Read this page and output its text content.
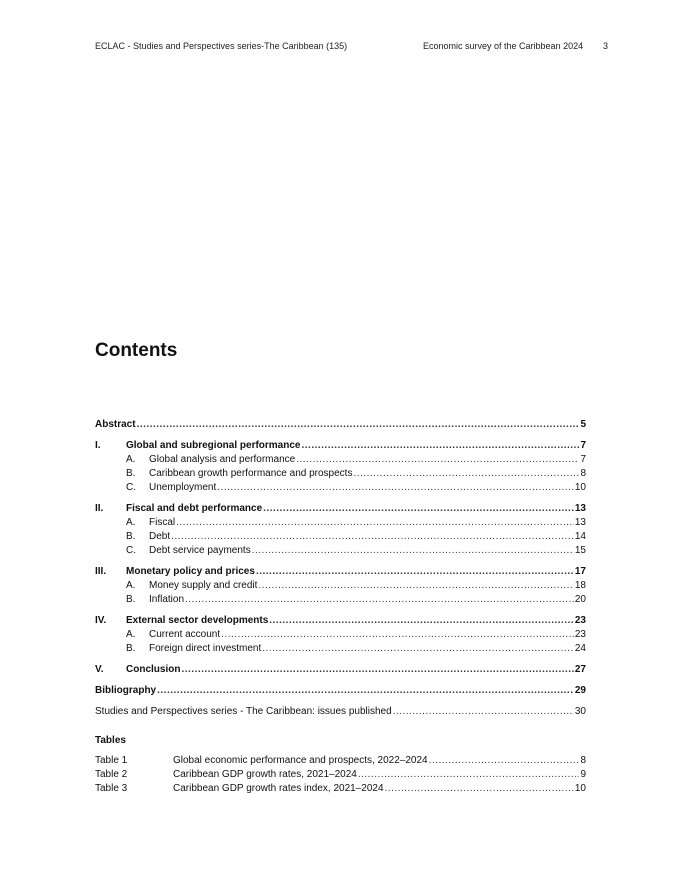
ECLAC - Studies and Perspectives series-The Caribbean (135)	Economic survey of the Caribbean 2024 3
Contents
Abstract .....	5
I.	Global and subregional performance .....	7
A.	Global analysis and performance .....	7
B.	Caribbean growth performance and prospects .....	8
C.	Unemployment .....	10
II.	Fiscal and debt performance .....	13
A.	Fiscal .....	13
B.	Debt .....	14
C.	Debt service payments .....	15
III.	Monetary policy and prices .....	17
A.	Money supply and credit .....	18
B.	Inflation .....	20
IV.	External sector developments .....	23
A.	Current account .....	23
B.	Foreign direct investment .....	24
V.	Conclusion .....	27
Bibliography .....	29
Studies and Perspectives series - The Caribbean: issues published .....	30
Tables
Table 1	Global economic performance and prospects, 2022–2024 .....	8
Table 2	Caribbean GDP growth rates, 2021–2024 .....	9
Table 3	Caribbean GDP growth rates index, 2021–2024 .....	10
